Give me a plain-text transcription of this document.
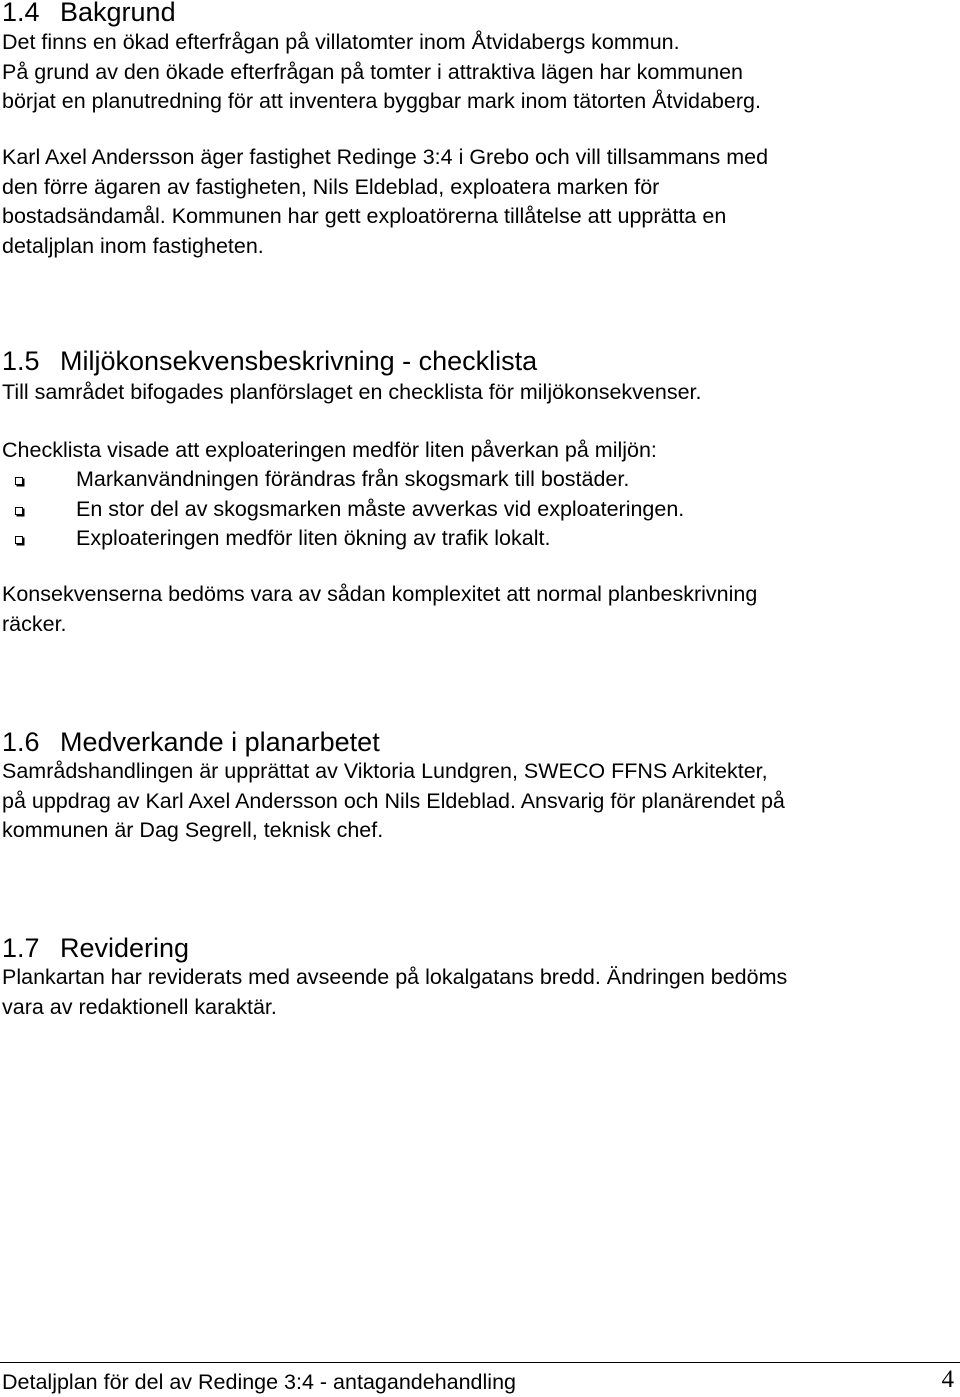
1.4 Bakgrund
Det finns en ökad efterfrågan på villatomter inom Åtvidabergs kommun.
På grund av den ökade efterfrågan på tomter i attraktiva lägen har kommunen
börjat en planutredning för att inventera byggbar mark inom tätorten Åtvidaberg.
Karl Axel Andersson äger fastighet Redinge 3:4 i Grebo och vill tillsammans med
den förre ägaren av fastigheten, Nils Eldeblad, exploatera marken för
bostadsändamål. Kommunen har gett exploatörerna tillåtelse att upprätta en
detaljplan inom fastigheten.
1.5 Miljökonsekvensbeskrivning - checklista
Till samrådet bifogades planförslaget en checklista för miljökonsekvenser.
Checklista visade att exploateringen medför liten påverkan på miljön:
Markanvändningen förändras från skogsmark till bostäder.
En stor del av skogsmarken måste avverkas vid exploateringen.
Exploateringen medför liten ökning av trafik lokalt.
Konsekvenserna bedöms vara av sådan komplexitet att normal planbeskrivning
räcker.
1.6 Medverkande i planarbetet
Samrådshandlingen är upprättat av Viktoria Lundgren, SWECO FFNS Arkitekter,
på uppdrag av Karl Axel Andersson och Nils Eldeblad. Ansvarig för planärendet på
kommunen är Dag Segrell, teknisk chef.
1.7 Revidering
Plankartan har reviderats med avseende på lokalgatans bredd. Ändringen bedöms
vara av redaktionell karaktär.
Detaljplan för del av Redinge 3:4 - antagandehandling	4
